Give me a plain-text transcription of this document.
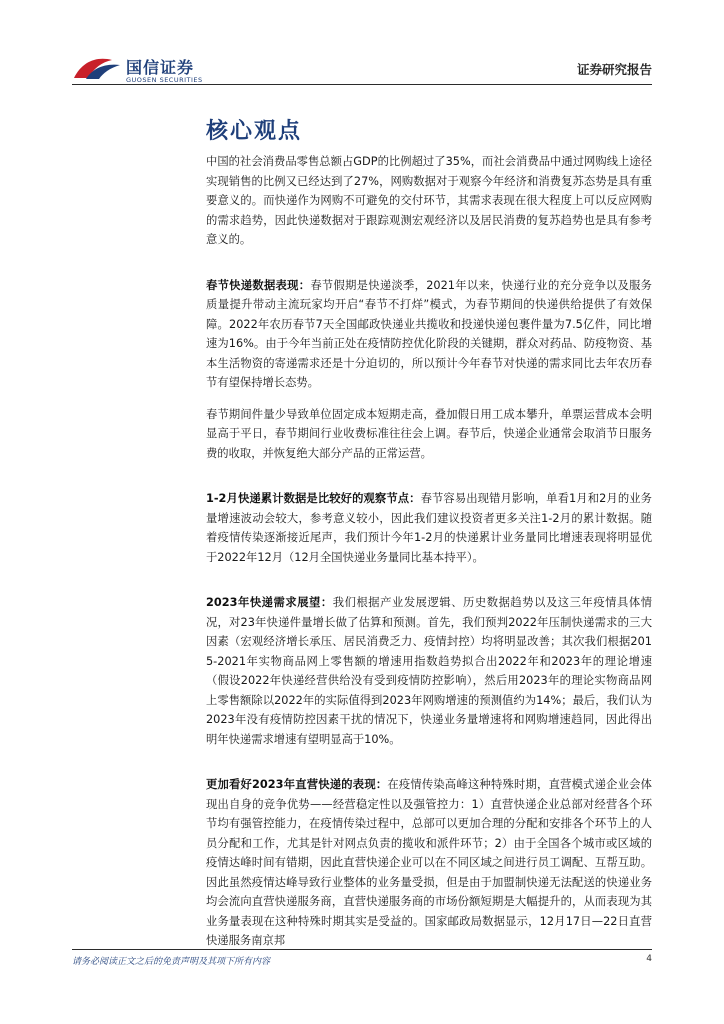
国信证券
GUOSEN SECURITIES
证券研究报告
核心观点

中国的社会消费品零售总额占GDP的比例超过了35%，而社会消费品中通过网购线上途径实现销售的比例又已经达到了27%，网购数据对于观察今年经济和消费复苏态势是具有重要意义的。而快递作为网购不可避免的交付环节，其需求表现在很大程度上可以反应网购的需求趋势，因此快递数据对于跟踪观测宏观经济以及居民消费的复苏趋势也是具有参考意义的。

春节快递数据表现：春节假期是快递淡季，2021年以来，快递行业的充分竞争以及服务质量提升带动主流玩家均开启“春节不打烊”模式，为春节期间的快递供给提供了有效保障。2022年农历春节7天全国邮政快递业共揽收和投递快递包裹件量为7.5亿件，同比增速为16%。由于今年当前正处在疫情防控优化阶段的关键期，群众对药品、防疫物资、基本生活物资的寄递需求还是十分迫切的，所以预计今年春节对快递的需求同比去年农历春节有望保持增长态势。

春节期间件量少导致单位固定成本短期走高，叠加假日用工成本攀升，单票运营成本会明显高于平日，春节期间行业收费标准往往会上调。春节后，快递企业通常会取消节日服务费的收取，并恢复绝大部分产品的正常运营。

1-2月快递累计数据是比较好的观察节点：春节容易出现错月影响，单看1月和2月的业务量增速波动会较大，参考意义较小，因此我们建议投资者更多关注1-2月的累计数据。随着疫情传染逐渐接近尾声，我们预计今年1-2月的快递累计业务量同比增速表现将明显优于2022年12月（12月全国快递业务量同比基本持平）。

2023年快递需求展望：我们根据产业发展逻辑、历史数据趋势以及这三年疫情具体情况，对23年快递件量增长做了估算和预测。首先，我们预判2022年压制快递需求的三大因素（宏观经济增长承压、居民消费乏力、疫情封控）均将明显改善；其次我们根据2015-2021年实物商品网上零售额的增速用指数趋势拟合出2022年和2023年的理论增速（假设2022年快递经营供给没有受到疫情防控影响），然后用2023年的理论实物商品网上零售额除以2022年的实际值得到2023年网购增速的预测值约为14%；最后，我们认为2023年没有疫情防控因素干扰的情况下，快递业务量增速将和网购增速趋同，因此得出明年快递需求增速有望明显高于10%。

更加看好2023年直营快递的表现：在疫情传染高峰这种特殊时期，直营模式递企业会体现出自身的竞争优势——经营稳定性以及强管控力：1）直营快递企业总部对经营各个环节均有强管控能力，在疫情传染过程中，总部可以更加合理的分配和安排各个环节上的人员分配和工作，尤其是针对网点负责的揽收和派件环节；2）由于全国各个城市或区域的疫情达峰时间有错期，因此直营快递企业可以在不同区域之间进行员工调配、互帮互助。因此虽然疫情达峰导致行业整体的业务量受损，但是由于加盟制快递无法配送的快递业务均会流向直营快递服务商，直营快递服务商的市场份额短期是大幅提升的，从而表现为其业务量表现在这种特殊时期其实是受益的。国家邮政局数据显示，12月17日—22日直营快递服务南京邦

请务必阅读正文之后的免责声明及其项下所有内容	4
